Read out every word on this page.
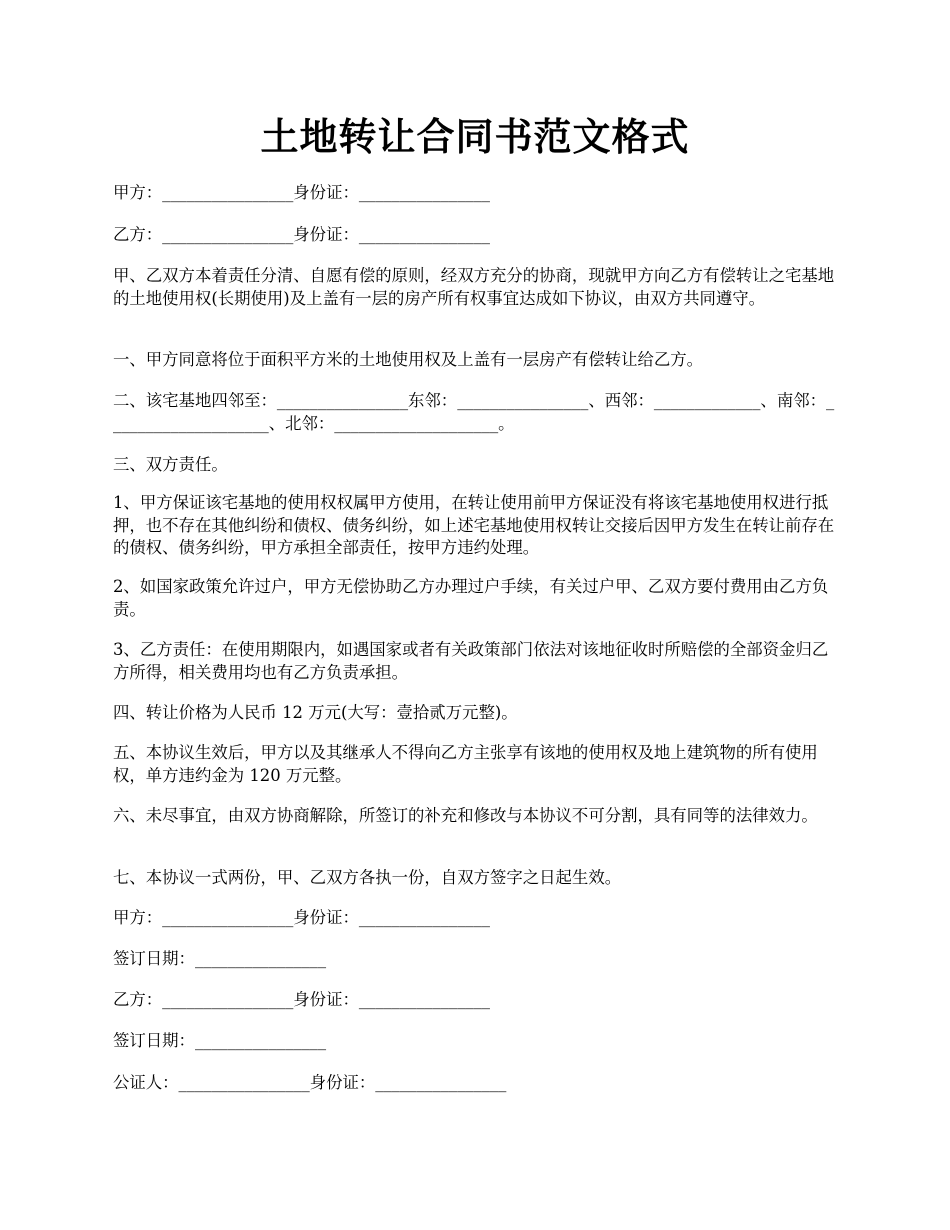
土地转让合同书范文格式

甲方：________________身份证：________________

乙方：________________身份证：________________

甲、乙双方本着责任分清、自愿有偿的原则，经双方充分的协商，现就甲方向乙方有偿转让之宅基地的土地使用权(长期使用)及上盖有一层的房产所有权事宜达成如下协议，由双方共同遵守。

一、甲方同意将位于面积平方米的土地使用权及上盖有一层房产有偿转让给乙方。

二、该宅基地四邻至：________________东邻：________________、西邻：_____________、南邻：____________________、北邻：____________________。

三、双方责任。

1、甲方保证该宅基地的使用权权属甲方使用，在转让使用前甲方保证没有将该宅基地使用权进行抵押，也不存在其他纠纷和债权、债务纠纷，如上述宅基地使用权转让交接后因甲方发生在转让前存在的债权、债务纠纷，甲方承担全部责任，按甲方违约处理。

2、如国家政策允许过户，甲方无偿协助乙方办理过户手续，有关过户甲、乙双方要付费用由乙方负责。

3、乙方责任：在使用期限内，如遇国家或者有关政策部门依法对该地征收时所赔偿的全部资金归乙方所得，相关费用均也有乙方负责承担。

四、转让价格为人民币 12 万元(大写：壹拾贰万元整)。

五、本协议生效后，甲方以及其继承人不得向乙方主张享有该地的使用权及地上建筑物的所有使用权，单方违约金为 120 万元整。

六、未尽事宜，由双方协商解除，所签订的补充和修改与本协议不可分割，具有同等的法律效力。

七、本协议一式两份，甲、乙双方各执一份，自双方签字之日起生效。

甲方：________________身份证：________________

签订日期：________________

乙方：________________身份证：________________

签订日期：________________

公证人：________________身份证：________________
